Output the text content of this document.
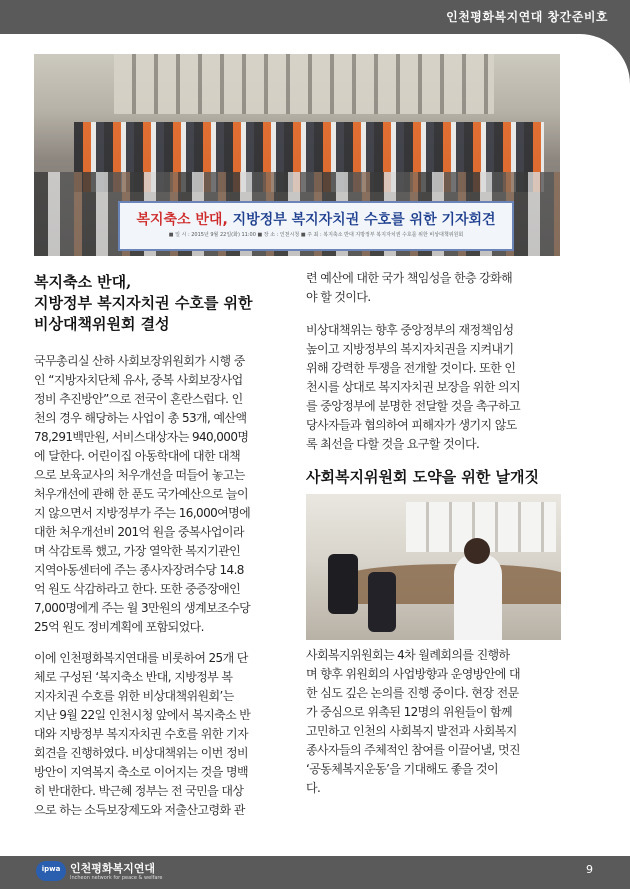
인천평화복지연대 창간준비호
복지축소 반대, 지방정부 복지자치권 수호를 위한 기자회견
■ 일 시 : 2015년 9월 22일(화) 11:00 ■ 장 소 : 인천시청 ■ 주 최 : 복지축소 반대 지방정부 복지자치권 수호를 위한 비상대책위원회
복지축소 반대,
지방정부 복지자치권 수호를 위한
비상대책위원회 결성
국무총리실 산하 사회보장위원회가 시행 중
인 “지방자치단체 유사, 중복 사회보장사업
정비 추진방안”으로 전국이 혼란스럽다. 인
천의 경우 해당하는 사업이 총 53개, 예산액
78,291백만원, 서비스대상자는 940,000명
에 달한다. 어린이집 아동학대에 대한 대책
으로 보육교사의 처우개선을 떠들어 놓고는
처우개선에 관해 한 푼도 국가예산으로 늘이
지 않으면서 지방정부가 주는 16,000여명에
대한 처우개선비 201억 원을 중복사업이라
며 삭감토록 했고, 가장 열악한 복지기관인
지역아동센터에 주는 종사자장려수당 14.8
억 원도 삭감하라고 한다. 또한 중증장애인
7,000명에게 주는 월 3만원의 생계보조수당
25억 원도 정비계획에 포함되었다.
이에 인천평화복지연대를 비롯하여 25개 단
체로 구성된 ‘복지축소 반대, 지방정부 복
지자치권 수호를 위한 비상대책위원회’는
지난 9월 22일 인천시청 앞에서 복지축소 반
대와 지방정부 복지자치권 수호를 위한 기자
회견을 진행하였다. 비상대책위는 이번 정비
방안이 지역복지 축소로 이어지는 것을 명백
히 반대한다. 박근혜 정부는 전 국민을 대상
으로 하는 소득보장제도와 저출산고령화 관
련 예산에 대한 국가 책임성을 한층 강화해
야 할 것이다.
비상대책위는 향후 중앙정부의 재정책임성
높이고 지방정부의 복지자치권을 지켜내기
위해 강력한 투쟁을 전개할 것이다. 또한 인
천시를 상대로 복지자치권 보장을 위한 의지
를 중앙정부에 분명한 전달할 것을 촉구하고
당사자들과 협의하여 피해자가 생기지 않도
록 최선을 다할 것을 요구할 것이다.
사회복지위원회 도약을 위한 날개짓
사회복지위원회는 4차 월례회의를 진행하
며 향후 위원회의 사업방향과 운영방안에 대
한 심도 깊은 논의를 진행 중이다. 현장 전문
가 중심으로 위촉된 12명의 위원들이 함께
고민하고 인천의 사회복지 발전과 사회복지
종사자들의 주체적인 참여를 이끌어낼, 멋진
‘공동체복지운동’을 기대해도 좋을 것이
다.
ipwa 인천평화복지연대
Incheon network for peace & welfare
9
